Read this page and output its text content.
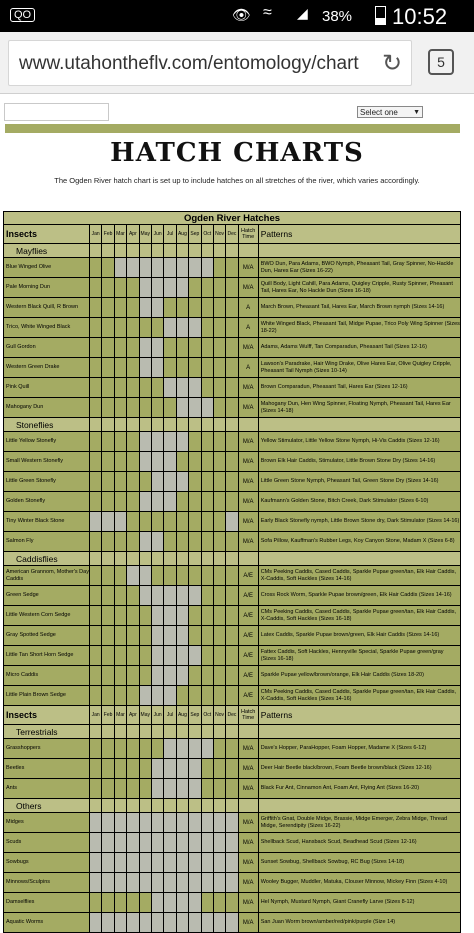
QO	👁 ≈ ◢ 38% 10:52
www.utahontheflv.com/entomology/chart ↻	5
Select one ▼
HATCH CHARTS
The Ogden River hatch chart is set up to include hatches on all stretches of the river, which varies accordingly.
Ogden River Hatches														
Insects	Jan	Feb	Mar	Apr	May	Jun	Jul	Aug	Sep	Oct	Nov	Dec	Hatch Time	Patterns
Mayflies														
Blue Winged Olive													M/A	BWO Dun, Para Adams, BWO Nymph, Pheasant Tail, Gray Spinner, No-Hackle Dun, Hares Ear (Sizes 16-22)
Pale Morning Dun													M/A	Quill Body, Light Cahill, Para Adams, Quigley Cripple, Rusty Spinner, Pheasant Tail, Hares Ear, No Hackle Dun (Sizes 16-18)
Western Black Quill, R Brown													A	March Brown, Pheasant Tail, Hares Ear, March Brown nymph (Sizes 14-16)
Trico, White Winged Black													A	White Winged Black, Pheasant Tail, Midge Pupae, Trico Poly Wing Spinner (Sizes 18-22)
Gull Gordon													M/A	Adams, Adams Wulff, Tan Comparadun, Pheasant Tail (Sizes 12-16)
Western Green Drake													A	Lawson's Paradrake, Hair Wing Drake, Olive Hares Ear, Olive Quigley Cripple, Pheasant Tail Nymph (Sizes 10-14)
Pink Quill													M/A	Brown Comparadun, Pheasant Tail, Hares Ear (Sizes 12-16)
Mahogany Dun													M/A	Mahogany Dun, Hen Wing Spinner, Floating Nymph, Pheasant Tail, Hares Ear (Sizes 14-18)
Stoneflies														
Little Yellow Stonefly													M/A	Yellow Stimulator, Little Yellow Stone Nymph, Hi-Vis Caddis (Sizes 12-16)
Small Western Stonefly													M/A	Brown Elk Hair Caddis, Stimulator, Little Brown Stone Dry (Sizes 14-16)
Little Green Stonefly													M/A	Little Green Stone Nymph, Pheasant Tail, Green Stone Dry (Sizes 14-16)
Golden Stonefly													M/A	Kaufmann's Golden Stone, Bitch Creek, Dark Stimulator (Sizes 6-10)
Tiny Winter Black Stone													M/A	Early Black Stonefly nymph, Little Brown Stone dry, Dark Stimulator (Sizes 14-16)
Salmon Fly													M/A	Sofa Pillow, Kauffman's Rubber Legs, Koy Canyon Stone, Madam X (Sizes 6-8)
Caddisflies														
American Grannom, Mother's Day Caddis													A/E	CMs Peeking Caddis, Cased Caddis, Sparkle Pupae green/tan, Elk Hair Caddis, X-Caddis, Soft Hackles (Sizes 14-16)
Green Sedge													A/E	Cross Rock Worm, Sparkle Pupae brown/green, Elk Hair Caddis (Sizes 14-16)
Little Western Corn Sedge													A/E	CMs Peeking Caddis, Cased Caddis, Sparkle Pupae green/tan, Elk Hair Caddis, X-Caddis, Soft Hackles (Sizes 16-18)
Gray Spotted Sedge													A/E	Latex Caddis, Sparkle Pupae brown/green, Elk Hair Caddis (Sizes 14-16)
Little Tan Short Horn Sedge													A/E	Fattex Caddis, Soft Hackles, Hennyville Special, Sparkle Pupae green/gray (Sizes 16-18)
Micro Caddis													A/E	Sparkle Pupae yellow/brown/orange, Elk Hair Caddis (Sizes 18-20)
Little Plain Brown Sedge													A/E	CMs Peeking Caddis, Cased Caddis, Sparkle Pupae green/tan, Elk Hair Caddis, X-Caddis, Soft Hackles (Sizes 14-16)
Insects	Jan	Feb	Mar	Apr	May	Jun	Jul	Aug	Sep	Oct	Nov	Dec	Hatch Time	Patterns
Terrestrials														
Grasshoppers													M/A	Dave's Hopper, ParaHopper, Foam Hopper, Madame X (Sizes 6-12)
Beetles													M/A	Deer Hair Beetle black/brown, Foam Beetle brown/black (Sizes 12-16)
Ants													M/A	Black Fur Ant, Cinnamon Ant, Foam Ant, Flying Ant (Sizes 16-20)
Others														
Midges													M/A	Griffith's Gnat, Double Midge, Brassie, Midge Emerger, Zebra Midge, Thread Midge, Serendipity (Sizes 16-22)
Scuds													M/A	Shellback Scud, Hansback Scud, Beadhead Scud (Sizes 12-16)
Sowbugs													M/A	Sunset Sowbug, Shellback Sowbug, RC Bug (Sizes 14-18)
Minnows/Sculpins													M/A	Wooley Bugger, Muddler, Matuka, Clouser Minnow, Mickey Finn (Sizes 4-10)
Damselflies													M/A	Hel Nymph, Mustard Nymph, Giant Cranefly Larve (Sizes 8-12)
Aquatic Worms													M/A	San Juan Worm brown/amber/red/pink/purple (Size 14)
